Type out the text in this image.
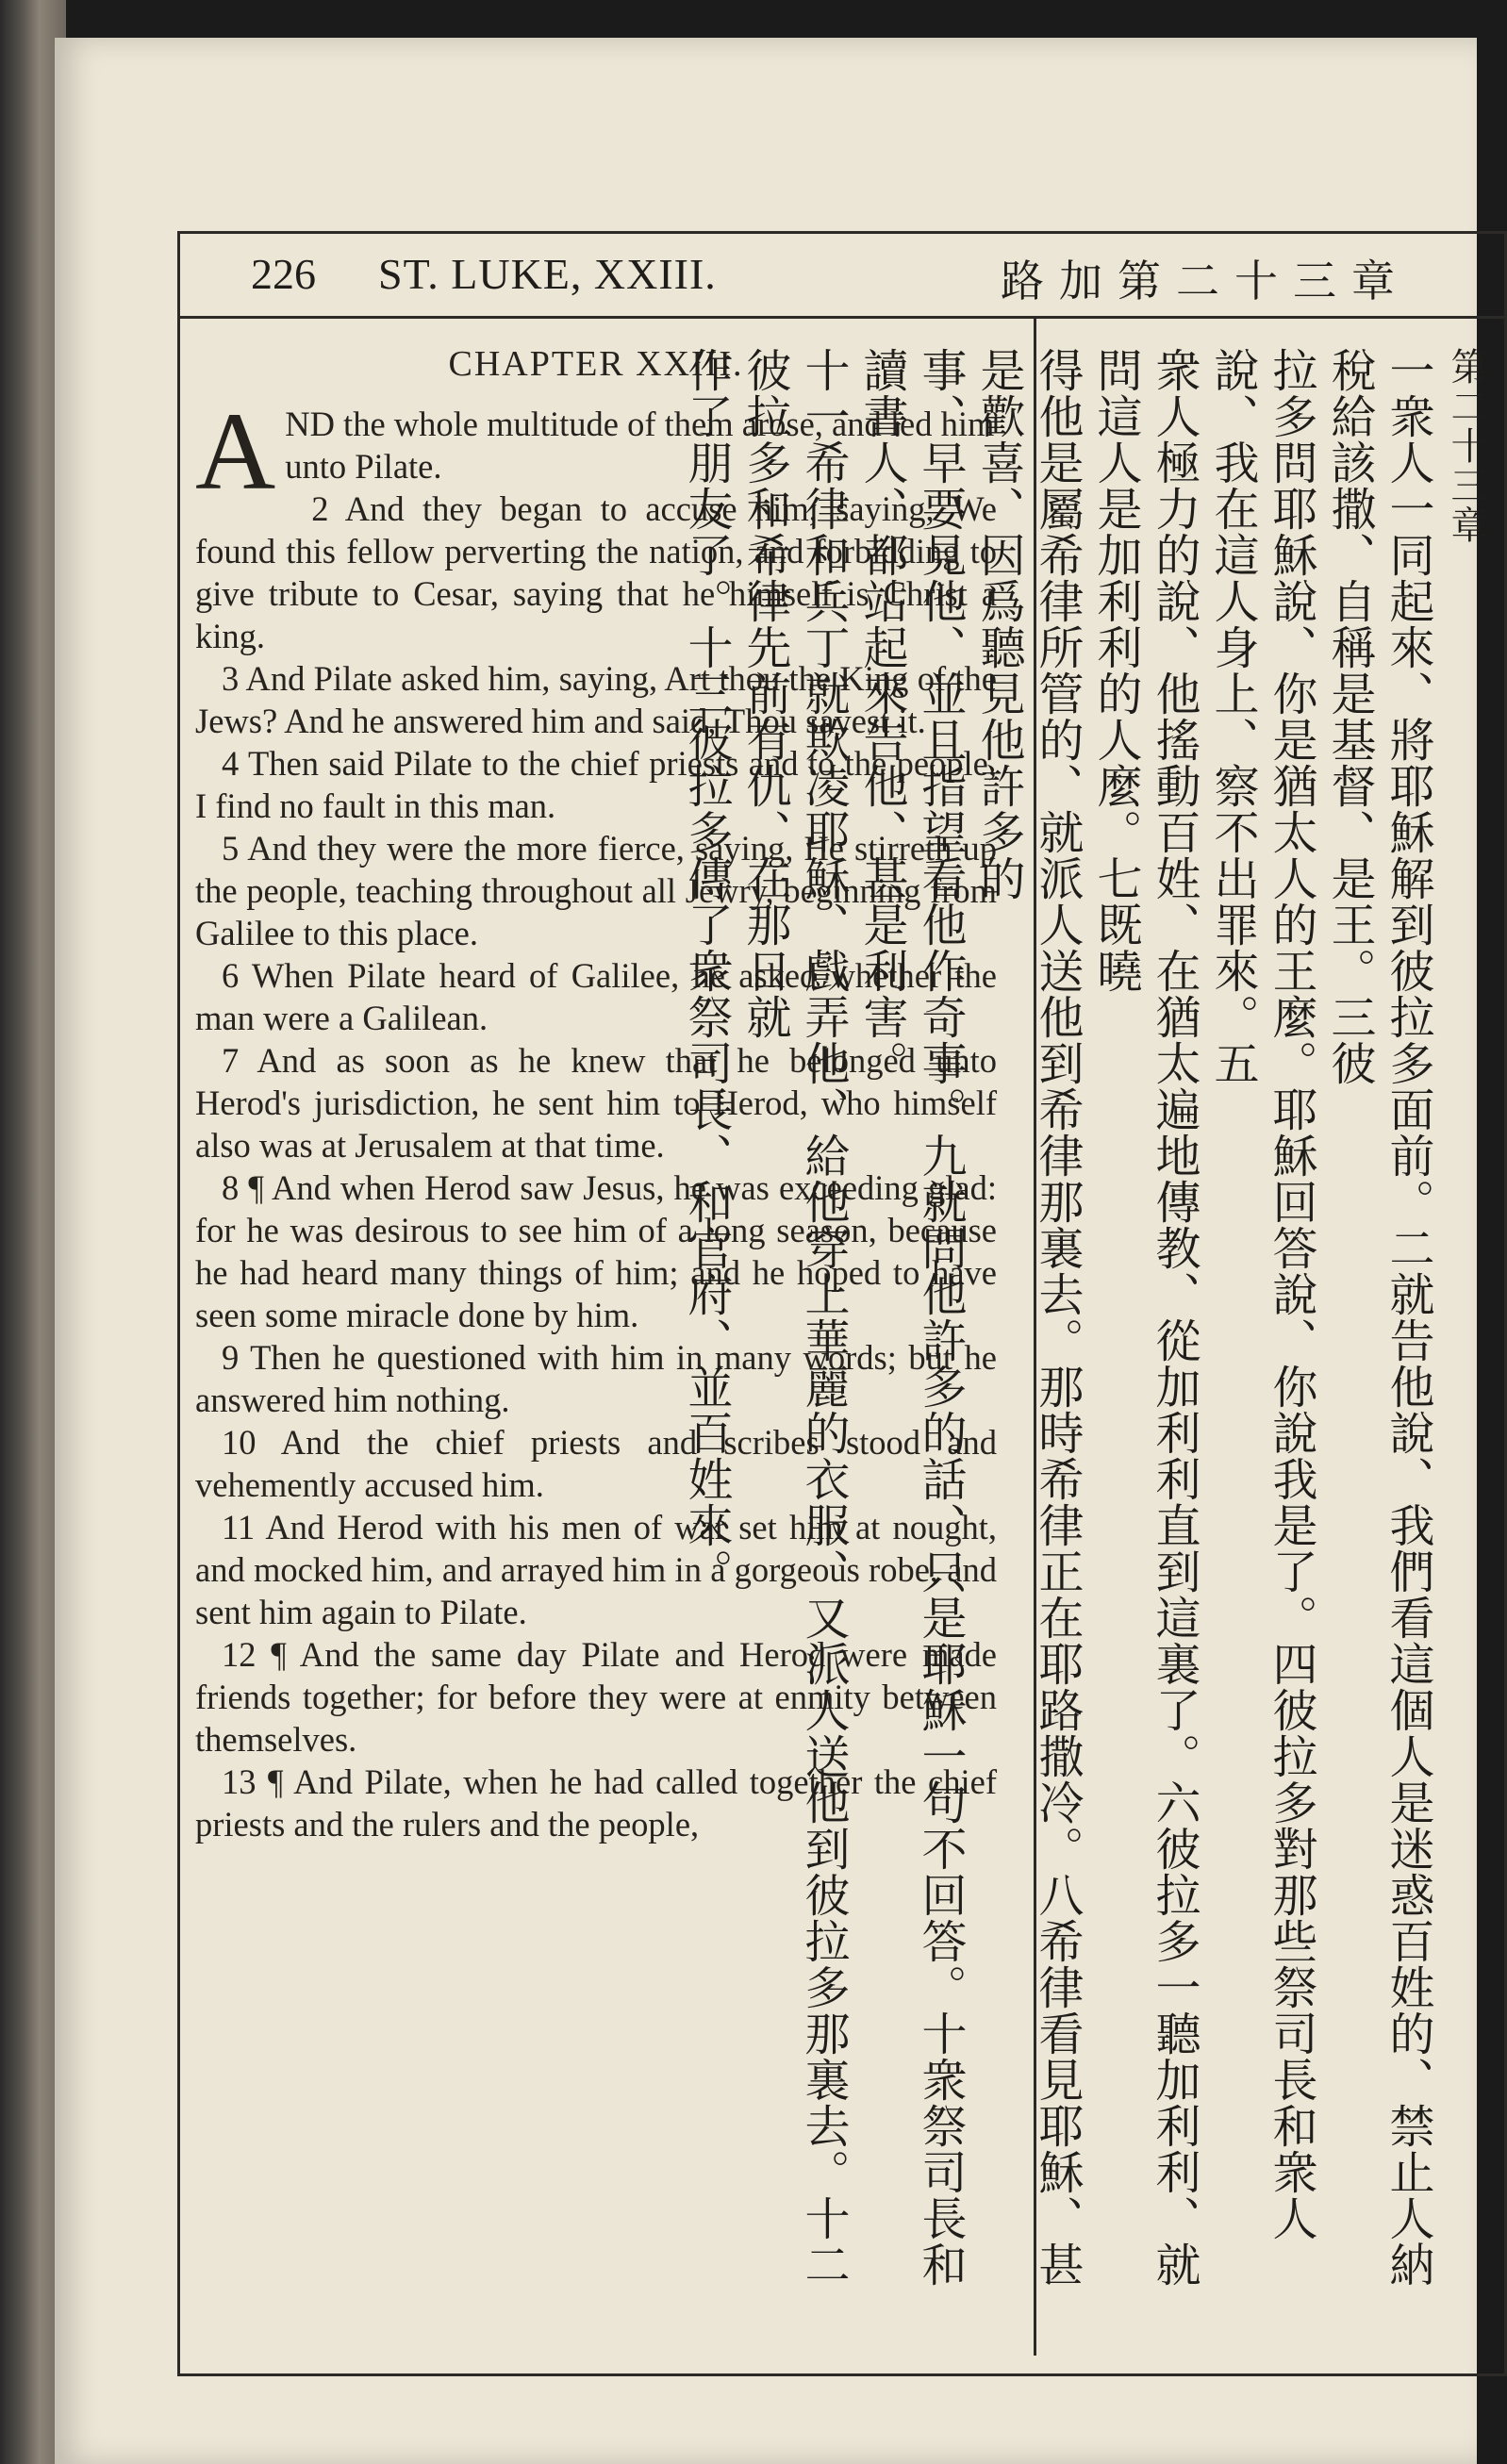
226 ST. LUKE, XXIII.	路加第二十三章
CHAPTER XXIII.

A ND the whole multitude of them arose, and led him unto Pilate.

2 And they began to accuse him, saying, We found this fellow perverting the nation, and forbidding to give tribute to Cesar, saying that he himself is Christ a king.

3 And Pilate asked him, saying, Art thou the King of the Jews? And he answered him and said, Thou sayest it.

4 Then said Pilate to the chief priests and to the people, I find no fault in this man.

5 And they were the more fierce, saying, He stirreth up the people, teaching throughout all Jewry, beginning from Galilee to this place.

6 When Pilate heard of Galilee, he asked whether the man were a Galilean.

7 And as soon as he knew that he belonged unto Herod's jurisdiction, he sent him to Herod, who himself also was at Jerusalem at that time.

8 ¶ And when Herod saw Jesus, he was exceeding glad: for he was desirous to see him of a long season, because he had heard many things of him; and he hoped to have seen some miracle done by him.

9 Then he questioned with him in many words; but he answered him nothing.

10 And the chief priests and scribes stood and vehemently accused him.

11 And Herod with his men of war set him at nought, and mocked him, and arrayed him in a gorgeous robe, and sent him again to Pilate.

12 ¶ And the same day Pilate and Herod were made friends together; for before they were at enmity between themselves.

13 ¶ And Pilate, when he had called together the chief priests and the rulers and the people,

第二十三章
一衆人一同起來、將耶穌解到彼拉多面前。二就告他說、我們看這個人是迷惑百姓的、禁止人納稅給該撒、自稱是基督、是王。三彼
拉多問耶穌說、你是猶太人的王麼。耶穌回答說、你說我是了。四彼拉多對那些祭司長和衆人說、我在這人身上、察不出罪來。五
衆人極力的說、他搖動百姓、在猶太遍地傳教、從加利利直到這裏了。六彼拉多一聽加利利、就問這人是加利利的人麼。七既曉
得他是屬希律所管的、就派人送他到希律那裏去。那時希律正在耶路撒冷。八希律看見耶穌、甚是歡喜、因爲聽見他許多的
事、早要見他、並且指望看他作奇事。九就問他許多的話、只是耶穌一句不回答。十衆祭司長和讀書人、都站起來告他、甚是利害。
十一希律和兵丁就欺凌耶穌、戲弄他、給他穿上華麗的衣服、又派人送他到彼拉多那裏去。十二彼拉多和希律先前有仇、在那日就
作了朋友了。十三彼拉多傳了衆祭司長、和官府、並百姓來。
